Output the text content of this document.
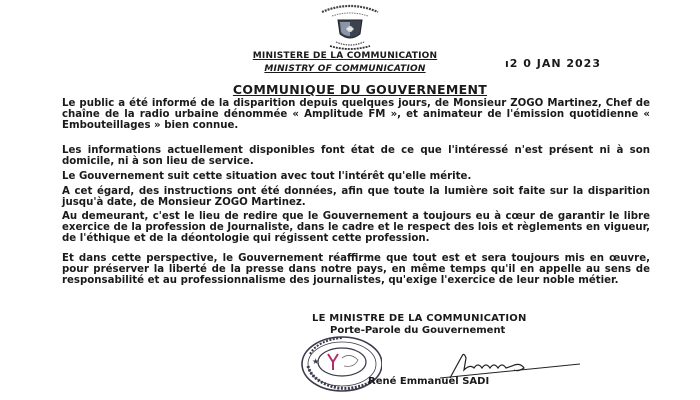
MINISTERE DE LA COMMUNICATION
MINISTRY OF COMMUNICATION	ı2 0 JAN 2023
COMMUNIQUE DU GOUVERNEMENT
Le public a été informé de la disparition depuis quelques jours, de Monsieur ZOGO Martinez, Chef de chaîne de la radio urbaine dénommée « Amplitude FM », et animateur de l'émission quotidienne « Embouteillages » bien connue.
Les informations actuellement disponibles font état de ce que l'intéressé n'est présent ni à son domicile, ni à son lieu de service.
Le Gouvernement suit cette situation avec tout l'intérêt qu'elle mérite.
A cet égard, des instructions ont été données, afin que toute la lumière soit faite sur la disparition jusqu'à date, de Monsieur ZOGO Martinez.
Au demeurant, c'est le lieu de redire que le Gouvernement a toujours eu à cœur de garantir le libre exercice de la profession de Journaliste, dans le cadre et le respect des lois et règlements en vigueur, de l'éthique et de la déontologie qui régissent cette profession.
Et dans cette perspective, le Gouvernement réaffirme que tout est et sera toujours mis en œuvre, pour préserver la liberté de la presse dans notre pays, en même temps qu'il en appelle au sens de responsabilité et au professionnalisme des journalistes, qu'exige l'exercice de leur noble métier.
LE MINISTRE DE LA COMMUNICATION
Porte-Parole du Gouvernement
★
René Emmanuel SADI
